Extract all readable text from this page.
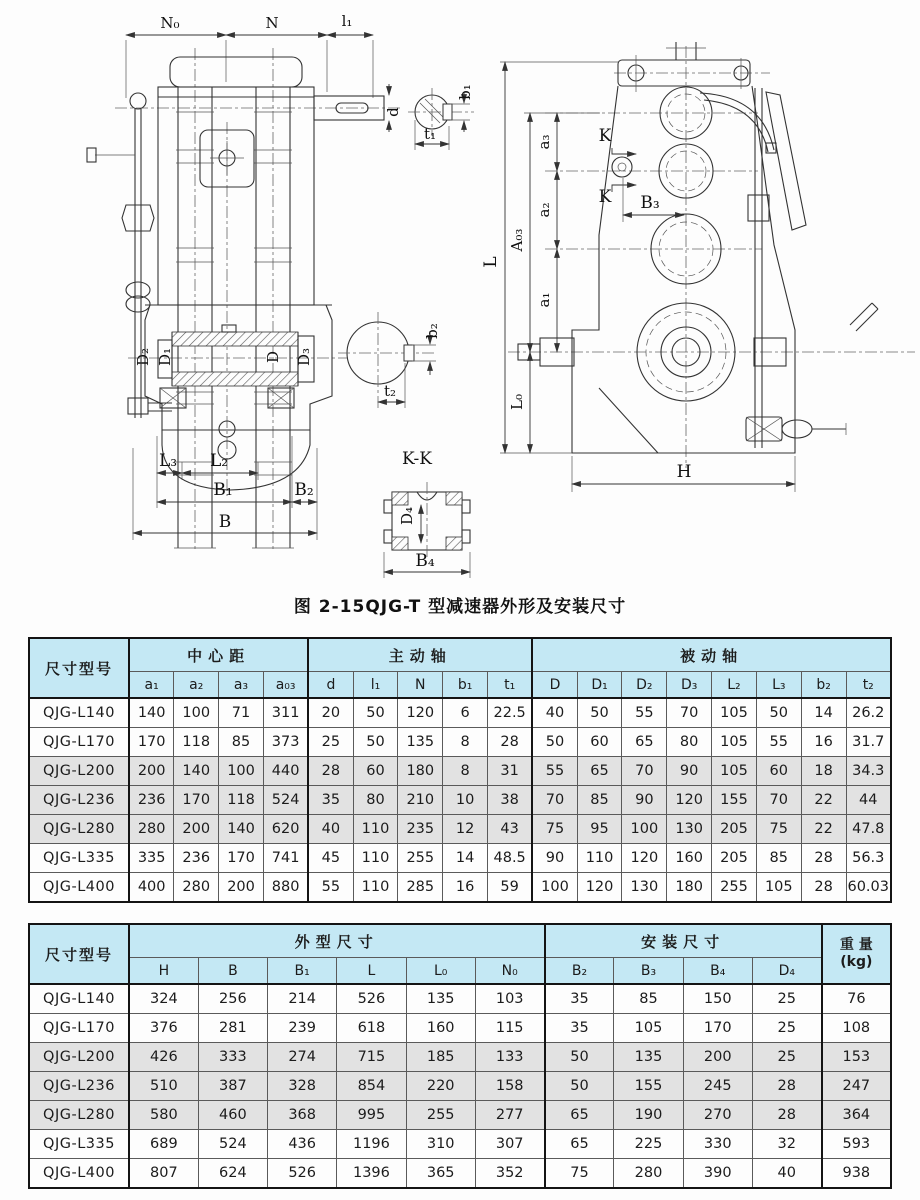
N₀	N	l₁
d
D₂ D₁	D D₃
L₃ L₂
B₁	B₂
B
b₁
t₁
b₂
t₂
K-K
D₄
B₄
K
K B₃
L
A₀₃
a₃
a₂
a₁
L₀
H
图 2-15QJG-T 型减速器外形及安装尺寸
尺寸型号	中心距				主动轴					被动轴							
	a₁	a₂	a₃	a₀₃	d	l₁	N	b₁	t₁	D	D₁	D₂	D₃	L₂	L₃	b₂	t₂
QJG-L140	140	100	71	311	20	50	120	6	22.5	40	50	55	70	105	50	14	26.2
QJG-L170	170	118	85	373	25	50	135	8	28	50	60	65	80	105	55	16	31.7
QJG-L200	200	140	100	440	28	60	180	8	31	55	65	70	90	105	60	18	34.3
QJG-L236	236	170	118	524	35	80	210	10	38	70	85	90	120	155	70	22	44
QJG-L280	280	200	140	620	40	110	235	12	43	75	95	100	130	205	75	22	47.8
QJG-L335	335	236	170	741	45	110	255	14	48.5	90	110	120	160	205	85	28	56.3
QJG-L400	400	280	200	880	55	110	285	16	59	100	120	130	180	255	105	28	60.03
尺寸型号	外型尺寸						安装尺寸				重 量
(kg)

	H	B	B₁	L	L₀	N₀	B₂	B₃	B₄	D₄	
QJG-L140	324	256	214	526	135	103	35	85	150	25	76
QJG-L170	376	281	239	618	160	115	35	105	170	25	108
QJG-L200	426	333	274	715	185	133	50	135	200	25	153
QJG-L236	510	387	328	854	220	158	50	155	245	28	247
QJG-L280	580	460	368	995	255	277	65	190	270	28	364
QJG-L335	689	524	436	1196	310	307	65	225	330	32	593
QJG-L400	807	624	526	1396	365	352	75	280	390	40	938
